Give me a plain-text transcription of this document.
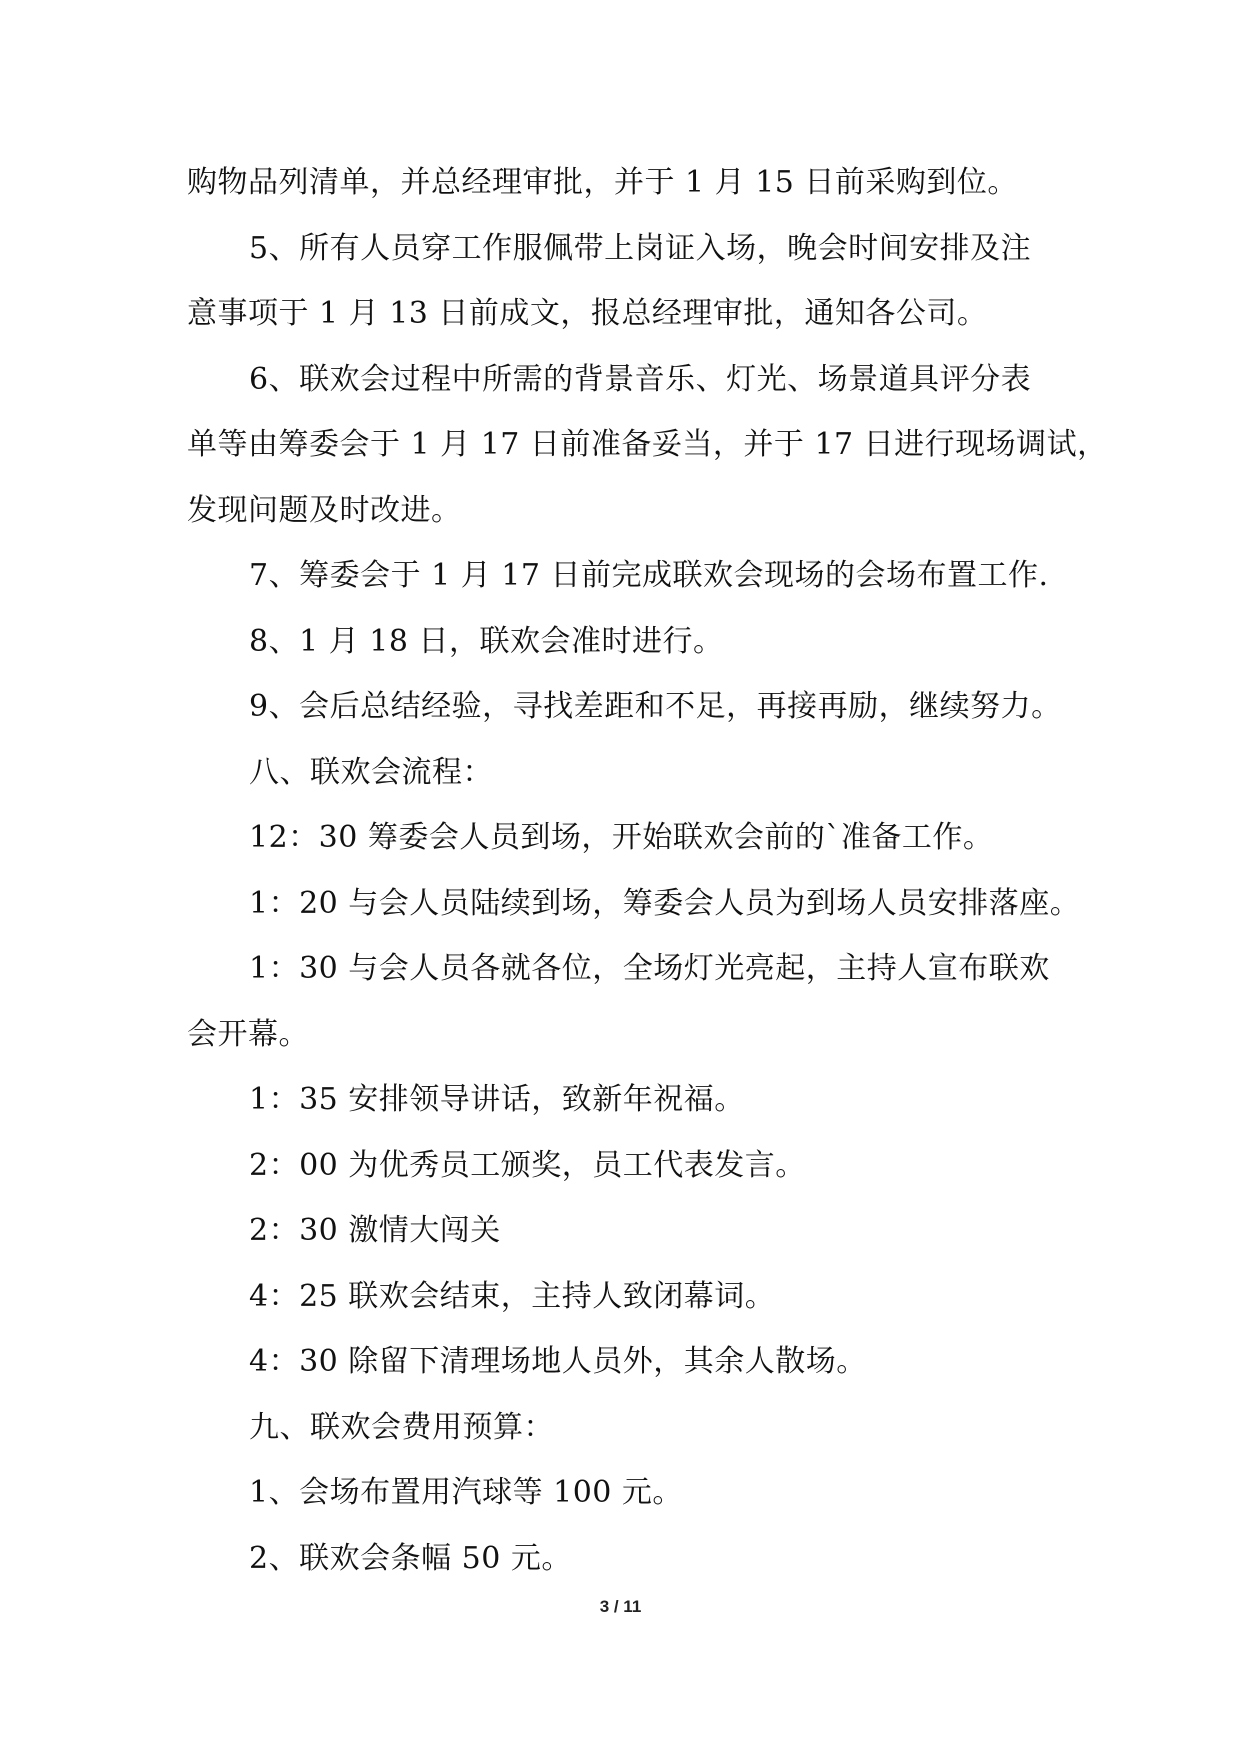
购物品列清单，并总经理审批，并于 1 月 15 日前采购到位。
5、所有人员穿工作服佩带上岗证入场，晚会时间安排及注
意事项于 1 月 13 日前成文，报总经理审批，通知各公司。
6、联欢会过程中所需的背景音乐、灯光、场景道具评分表
单等由筹委会于 1 月 17 日前准备妥当，并于 17 日进行现场调试，
发现问题及时改进。
7、筹委会于 1 月 17 日前完成联欢会现场的会场布置工作.
8、1 月 18 日，联欢会准时进行。
9、会后总结经验，寻找差距和不足，再接再励，继续努力。
八、联欢会流程：
12：30 筹委会人员到场，开始联欢会前的`准备工作。
1：20 与会人员陆续到场，筹委会人员为到场人员安排落座。
1：30 与会人员各就各位，全场灯光亮起，主持人宣布联欢
会开幕。
1：35 安排领导讲话，致新年祝福。
2：00 为优秀员工颁奖，员工代表发言。
2：30 激情大闯关
4：25 联欢会结束，主持人致闭幕词。
4：30 除留下清理场地人员外，其余人散场。
九、联欢会费用预算：
1、会场布置用汽球等 100 元。
2、联欢会条幅 50 元。
3 / 11
